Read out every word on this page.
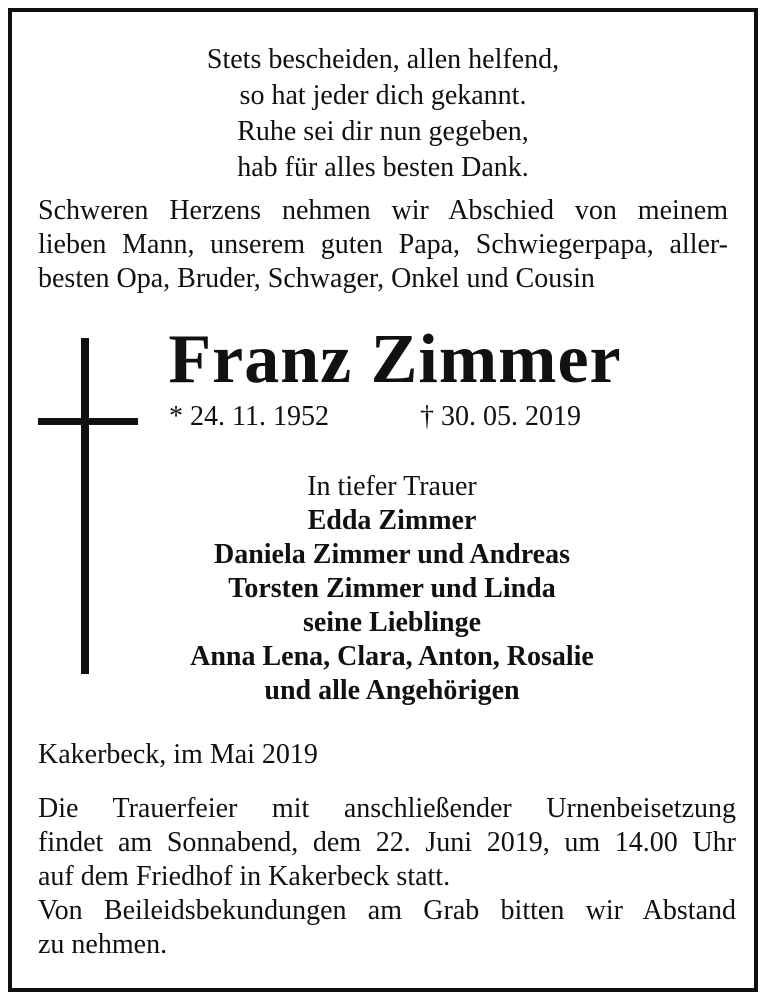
Stets bescheiden, allen helfend,
so hat jeder dich gekannt.
Ruhe sei dir nun gegeben,
hab für alles besten Dank.
Schweren Herzens nehmen wir Abschied von meinem
lieben Mann, unserem guten Papa, Schwiegerpapa, aller-
besten Opa, Bruder, Schwager, Onkel und Cousin
Franz Zimmer
* 24. 11. 1952	† 30. 05. 2019
In tiefer Trauer
Edda Zimmer
Daniela Zimmer und Andreas
Torsten Zimmer und Linda
seine Lieblinge
Anna Lena, Clara, Anton, Rosalie
und alle Angehörigen
Kakerbeck, im Mai 2019
Die Trauerfeier mit anschließender Urnenbeisetzung
findet am Sonnabend, dem 22. Juni 2019, um 14.00 Uhr
auf dem Friedhof in Kakerbeck statt.
Von Beileidsbekundungen am Grab bitten wir Abstand
zu nehmen.
